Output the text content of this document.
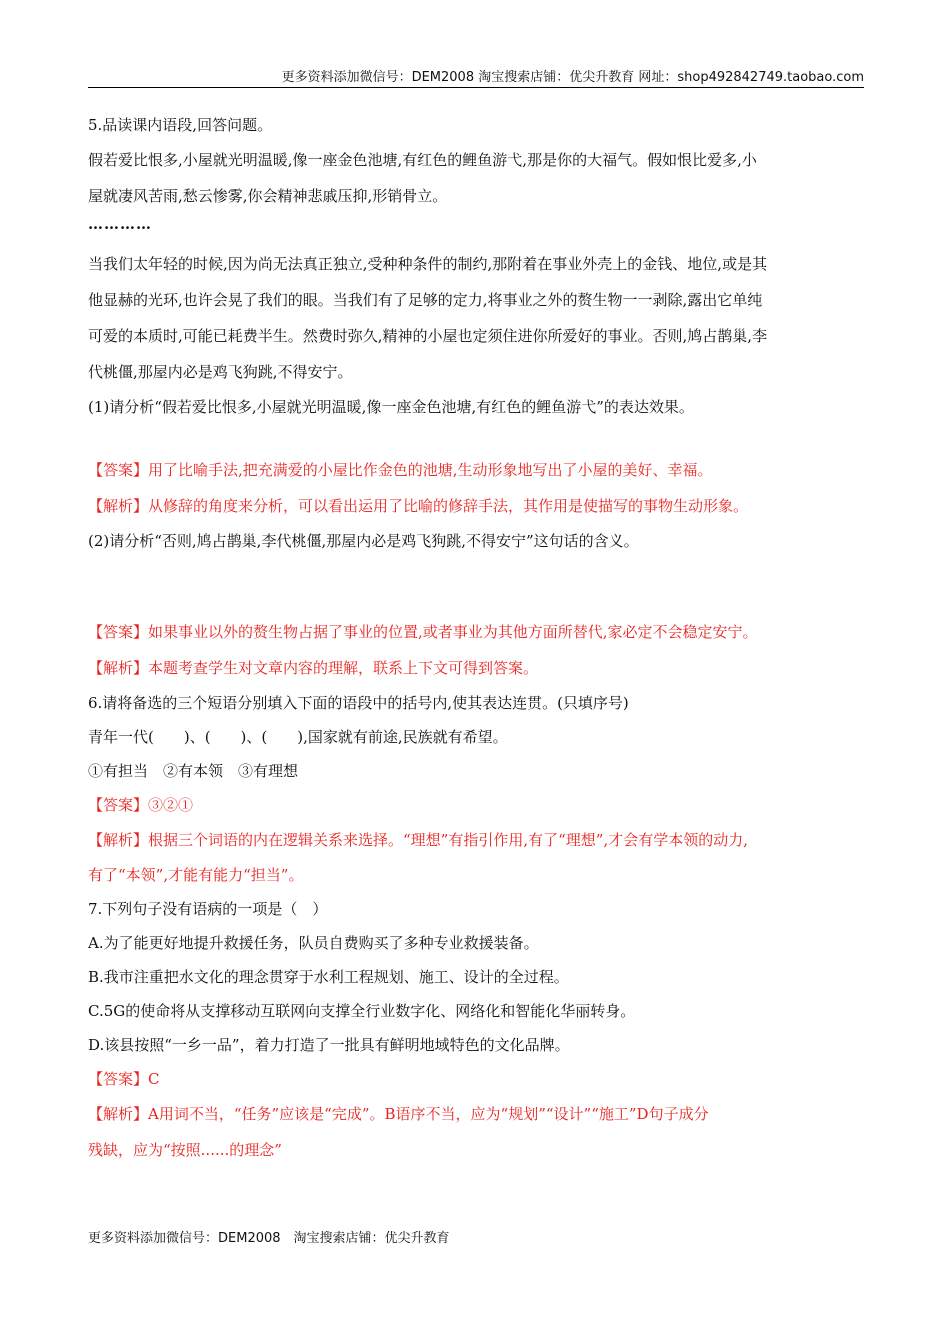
更多资料添加微信号：DEM2008 淘宝搜索店铺：优尖升教育 网址：shop492842749.taobao.com
5.品读课内语段,回答问题。
假若爱比恨多,小屋就光明温暖,像一座金色池塘,有红色的鲤鱼游弋,那是你的大福气。假如恨比爱多,小
屋就凄风苦雨,愁云惨雾,你会精神悲戚压抑,形销骨立。
…………
当我们太年轻的时候,因为尚无法真正独立,受种种条件的制约,那附着在事业外壳上的金钱、地位,或是其
他显赫的光环,也许会晃了我们的眼。当我们有了足够的定力,将事业之外的赘生物一一剥除,露出它单纯
可爱的本质时,可能已耗费半生。然费时弥久,精神的小屋也定须住进你所爱好的事业。否则,鸠占鹊巢,李
代桃僵,那屋内必是鸡飞狗跳,不得安宁。
(1)请分析“假若爱比恨多,小屋就光明温暖,像一座金色池塘,有红色的鲤鱼游弋”的表达效果。
【答案】用了比喻手法,把充满爱的小屋比作金色的池塘,生动形象地写出了小屋的美好、幸福。
【解析】从修辞的角度来分析，可以看出运用了比喻的修辞手法，其作用是使描写的事物生动形象。
(2)请分析“否则,鸠占鹊巢,李代桃僵,那屋内必是鸡飞狗跳,不得安宁”这句话的含义。
【答案】如果事业以外的赘生物占据了事业的位置,或者事业为其他方面所替代,家必定不会稳定安宁。
【解析】本题考查学生对文章内容的理解，联系上下文可得到答案。
6.请将备选的三个短语分别填入下面的语段中的括号内,使其表达连贯。(只填序号)
青年一代(　　)、(　　)、(　　),国家就有前途,民族就有希望。
①有担当　②有本领　③有理想
【答案】③②①
【解析】根据三个词语的内在逻辑关系来选择。“理想”有指引作用,有了“理想”,才会有学本领的动力,
有了“本领”,才能有能力“担当”。
7.下列句子没有语病的一项是（　）
A.为了能更好地提升救援任务，队员自费购买了多种专业救援装备。
B.我市注重把水文化的理念贯穿于水利工程规划、施工、设计的全过程。
C.5G的使命将从支撑移动互联网向支撑全行业数字化、网络化和智能化华丽转身。
D.该县按照“一乡一品”，着力打造了一批具有鲜明地域特色的文化品牌。
【答案】C
【解析】A用词不当，“任务”应该是“完成”。B语序不当，应为“规划”“设计”“施工”D句子成分
残缺，应为“按照......的理念”
更多资料添加微信号：DEM2008　淘宝搜索店铺：优尖升教育
